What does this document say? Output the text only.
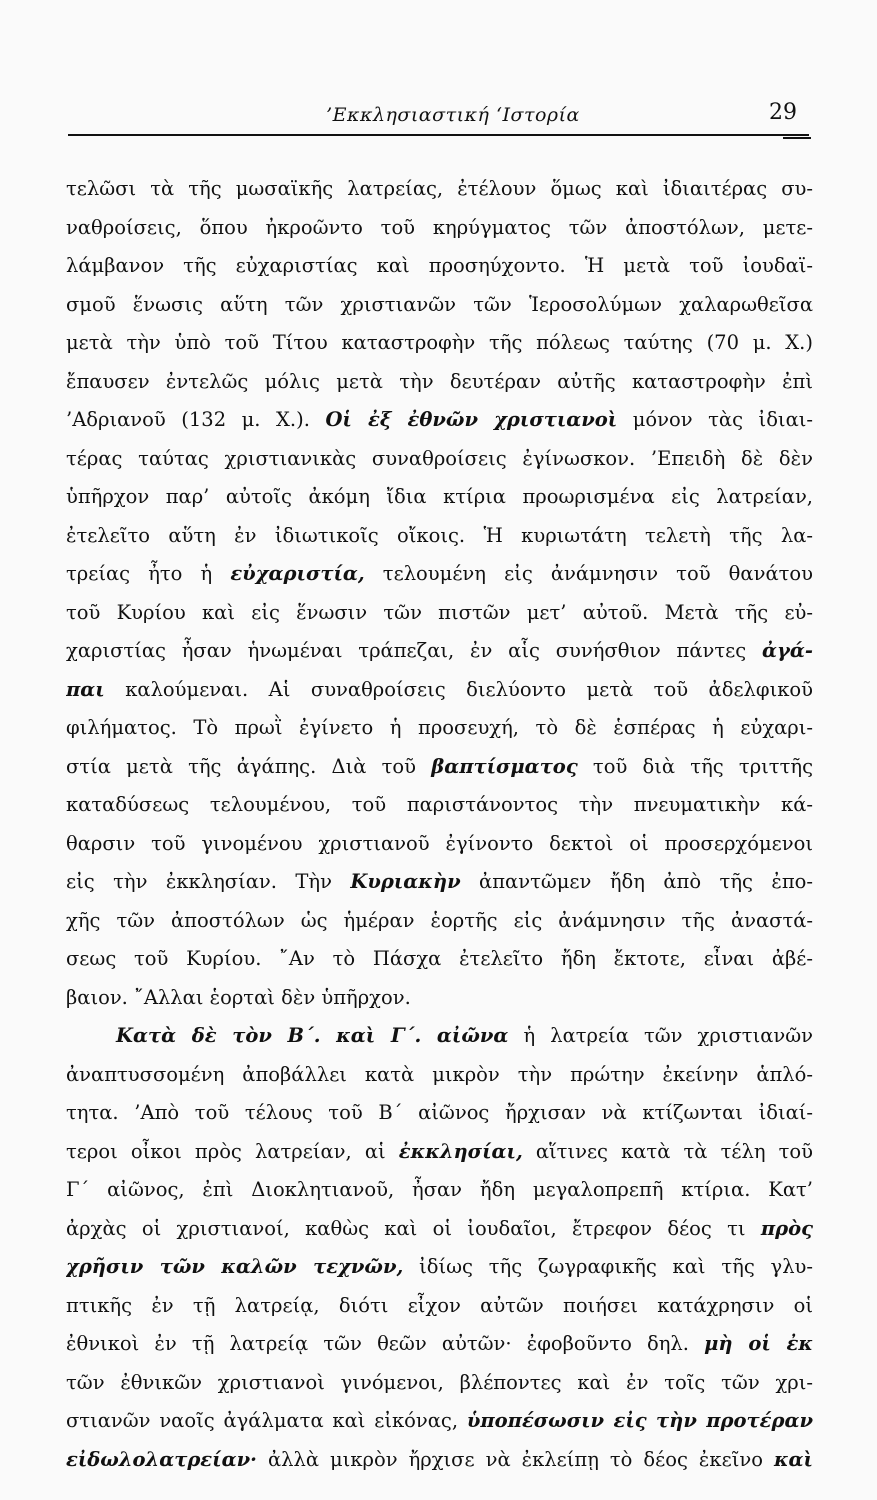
’Εκκλησιαστική ‘Ιστορία	29
τελῶσι τὰ τῆς μωσαϊκῆς λατρείας, ἐτέλουν ὅμως καὶ ἰδιαιτέρας συ-
ναθροίσεις, ὅπου ἠκροῶντο τοῦ κηρύγματος τῶν ἀποστόλων, μετε-
λάμβανον τῆς εὐχαριστίας καὶ προσηύχοντο. Ἡ μετὰ τοῦ ἰουδαϊ-
σμοῦ ἕνωσις αὕτη τῶν χριστιανῶν τῶν Ἱεροσολύμων χαλαρωθεῖσα
μετὰ τὴν ὑπὸ τοῦ Τίτου καταστροφὴν τῆς πόλεως ταύτης (70 μ. Χ.)
ἔπαυσεν ἐντελῶς μόλις μετὰ τὴν δευτέραν αὐτῆς καταστροφὴν ἐπὶ
’Αδριανοῦ (132 μ. Χ.). Οἱ ἐξ ἐθνῶν χριστιανοὶ μόνον τὰς ἰδιαι-
τέρας ταύτας χριστιανικὰς συναθροίσεις ἐγίνωσκον. ’Επειδὴ δὲ δὲν
ὑπῆρχον παρ’ αὐτοῖς ἀκόμη ἴδια κτίρια προωρισμένα εἰς λατρείαν,
ἐτελεῖτο αὕτη ἐν ἰδιωτικοῖς οἴκοις. Ἡ κυριωτάτη τελετὴ τῆς λα-
τρείας ἦτο ἡ εὐχαριστία, τελουμένη εἰς ἀνάμνησιν τοῦ θανάτου
τοῦ Κυρίου καὶ εἰς ἕνωσιν τῶν πιστῶν μετ’ αὐτοῦ. Μετὰ τῆς εὐ-
χαριστίας ἦσαν ἡνωμέναι τράπεζαι, ἐν αἷς συνήσθιον πάντες ἀγά-
παι καλούμεναι. Αἱ συναθροίσεις διελύοντο μετὰ τοῦ ἀδελφικοῦ
φιλήματος. Τὸ πρωῒ ἐγίνετο ἡ προσευχή, τὸ δὲ ἑσπέρας ἡ εὐχαρι-
στία μετὰ τῆς ἀγάπης. Διὰ τοῦ βαπτίσματος τοῦ διὰ τῆς τριττῆς
καταδύσεως τελουμένου, τοῦ παριστάνοντος τὴν πνευματικὴν κά-
θαρσιν τοῦ γινομένου χριστιανοῦ ἐγίνοντο δεκτοὶ οἱ προσερχόμενοι
εἰς τὴν ἐκκλησίαν. Τὴν Κυριακὴν ἀπαντῶμεν ἤδη ἀπὸ τῆς ἐπο-
χῆς τῶν ἀποστόλων ὡς ἡμέραν ἑορτῆς εἰς ἀνάμνησιν τῆς ἀναστά-
σεως τοῦ Κυρίου. ῎Αν τὸ Πάσχα ἐτελεῖτο ἤδη ἔκτοτε, εἶναι ἀβέ-
βαιον. ῎Αλλαι ἑορταὶ δὲν ὑπῆρχον.
Κατὰ δὲ τὸν Β΄. καὶ Γ΄. αἰῶνα ἡ λατρεία τῶν χριστιανῶν
ἀναπτυσσομένη ἀποβάλλει κατὰ μικρὸν τὴν πρώτην ἐκείνην ἁπλό-
τητα. ’Απὸ τοῦ τέλους τοῦ Β΄ αἰῶνος ἤρχισαν νὰ κτίζωνται ἰδιαί-
τεροι οἶκοι πρὸς λατρείαν, αἱ ἐκκλησίαι, αἵτινες κατὰ τὰ τέλη τοῦ
Γ΄ αἰῶνος, ἐπὶ Διοκλητιανοῦ, ἦσαν ἤδη μεγαλοπρεπῆ κτίρια. Κατ’
ἀρχὰς οἱ χριστιανοί, καθὼς καὶ οἱ ἰουδαῖοι, ἔτρεφον δέος τι πρὸς
χρῆσιν τῶν καλῶν τεχνῶν, ἰδίως τῆς ζωγραφικῆς καὶ τῆς γλυ-
πτικῆς ἐν τῇ λατρείᾳ, διότι εἶχον αὐτῶν ποιήσει κατάχρησιν οἱ
ἐθνικοὶ ἐν τῇ λατρείᾳ τῶν θεῶν αὐτῶν· ἐφοβοῦντο δηλ. μὴ οἱ ἐκ
τῶν ἐθνικῶν χριστιανοὶ γινόμενοι, βλέποντες καὶ ἐν τοῖς τῶν χρι-
στιανῶν ναοῖς ἀγάλματα καὶ εἰκόνας, ὑποπέσωσιν εἰς τὴν προτέραν
εἰδωλολατρείαν· ἀλλὰ μικρὸν ἤρχισε νὰ ἐκλείπῃ τὸ δέος ἐκεῖνο καὶ
